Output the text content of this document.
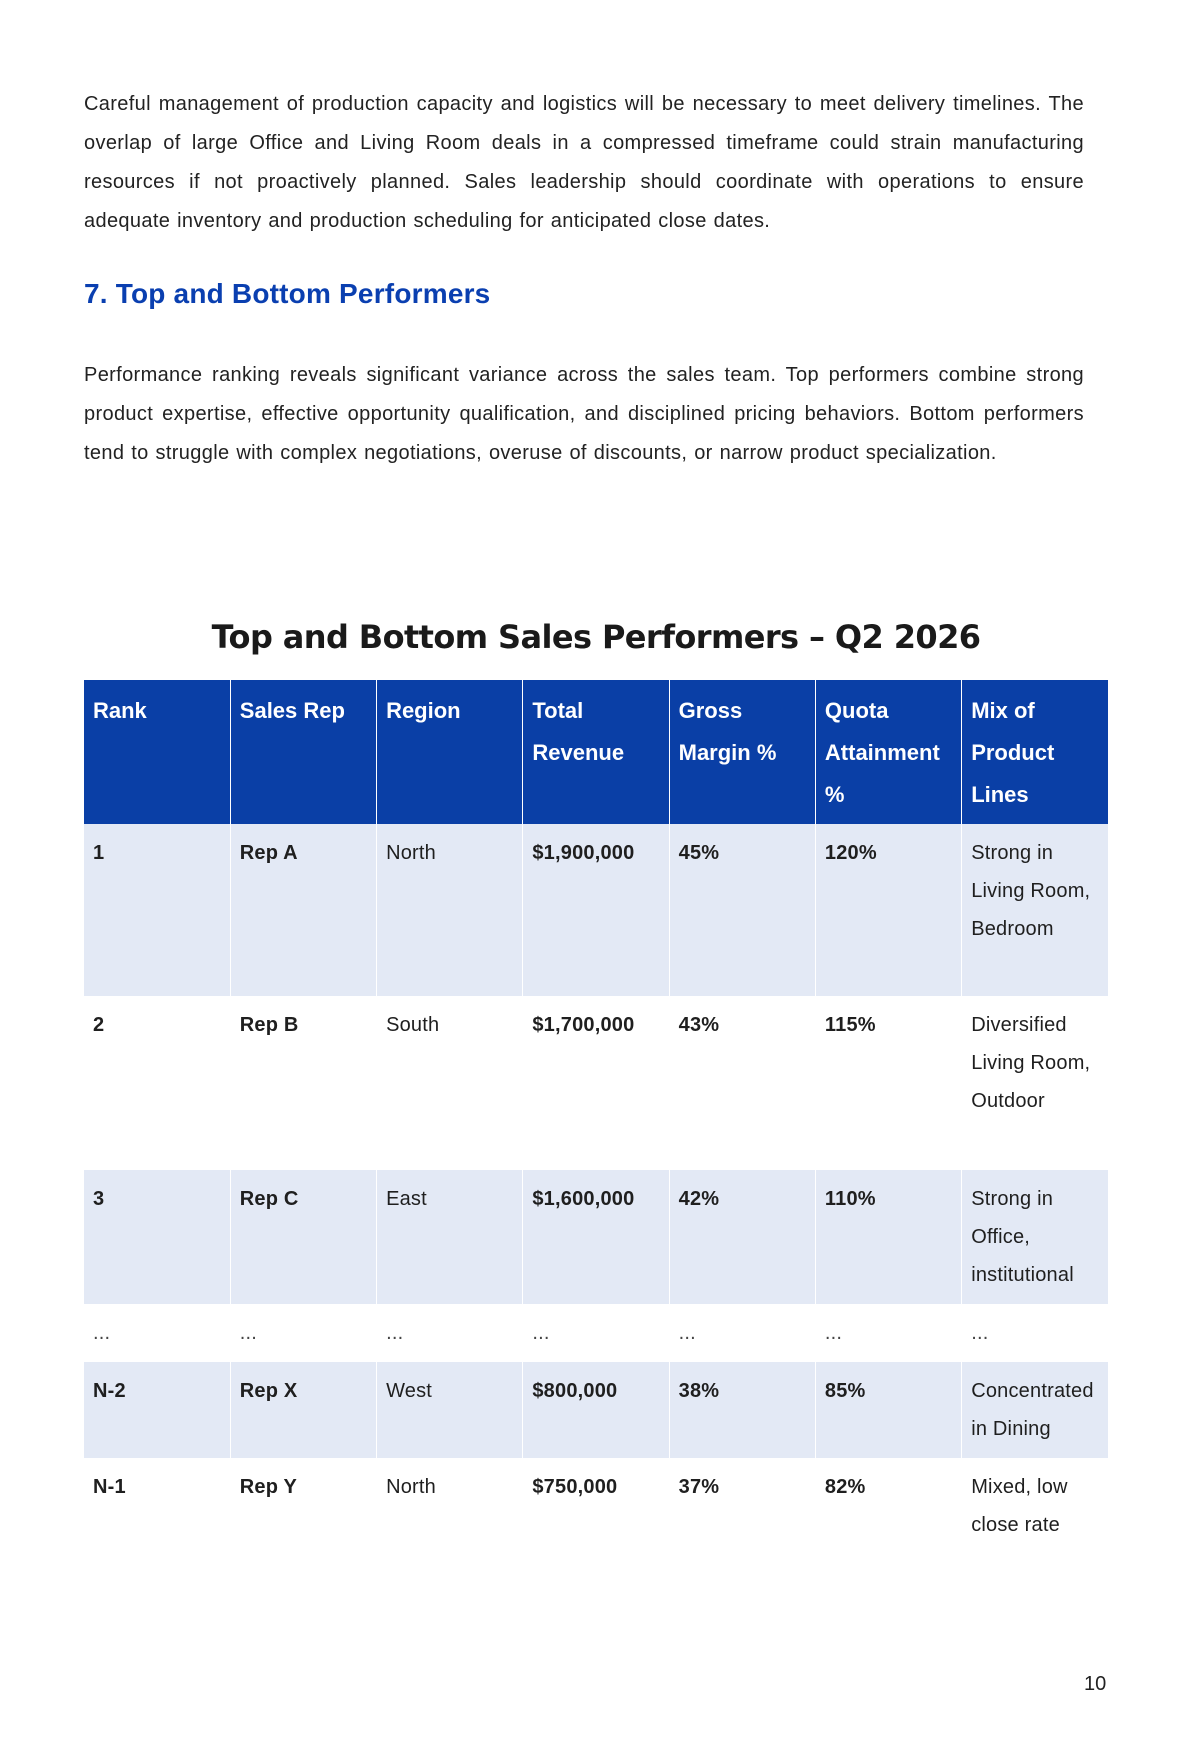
Careful management of production capacity and logistics will be necessary to meet delivery timelines. The overlap of large Office and Living Room deals in a compressed timeframe could strain manufacturing resources if not proactively planned. Sales leadership should coordinate with operations to ensure adequate inventory and production scheduling for anticipated close dates.

7. Top and Bottom Performers

Performance ranking reveals significant variance across the sales team. Top performers combine strong product expertise, effective opportunity qualification, and disciplined pricing behaviors. Bottom performers tend to struggle with complex negotiations, overuse of discounts, or narrow product specialization.

Top and Bottom Sales Performers – Q2 2026
Rank	Sales Rep	Region	Total Revenue	Gross Margin %	Quota Attainment %	Mix of Product Lines
1	Rep A	North	$1,900,000	45%	120%	Strong in Living Room, Bedroom
2	Rep B	South	$1,700,000	43%	115%	Diversified Living Room, Outdoor
3	Rep C	East	$1,600,000	42%	110%	Strong in Office, institutional
...	...	...	...	...	...	...
N-2	Rep X	West	$800,000	38%	85%	Concentrated in Dining
N-1	Rep Y	North	$750,000	37%	82%	Mixed, low close rate
10
